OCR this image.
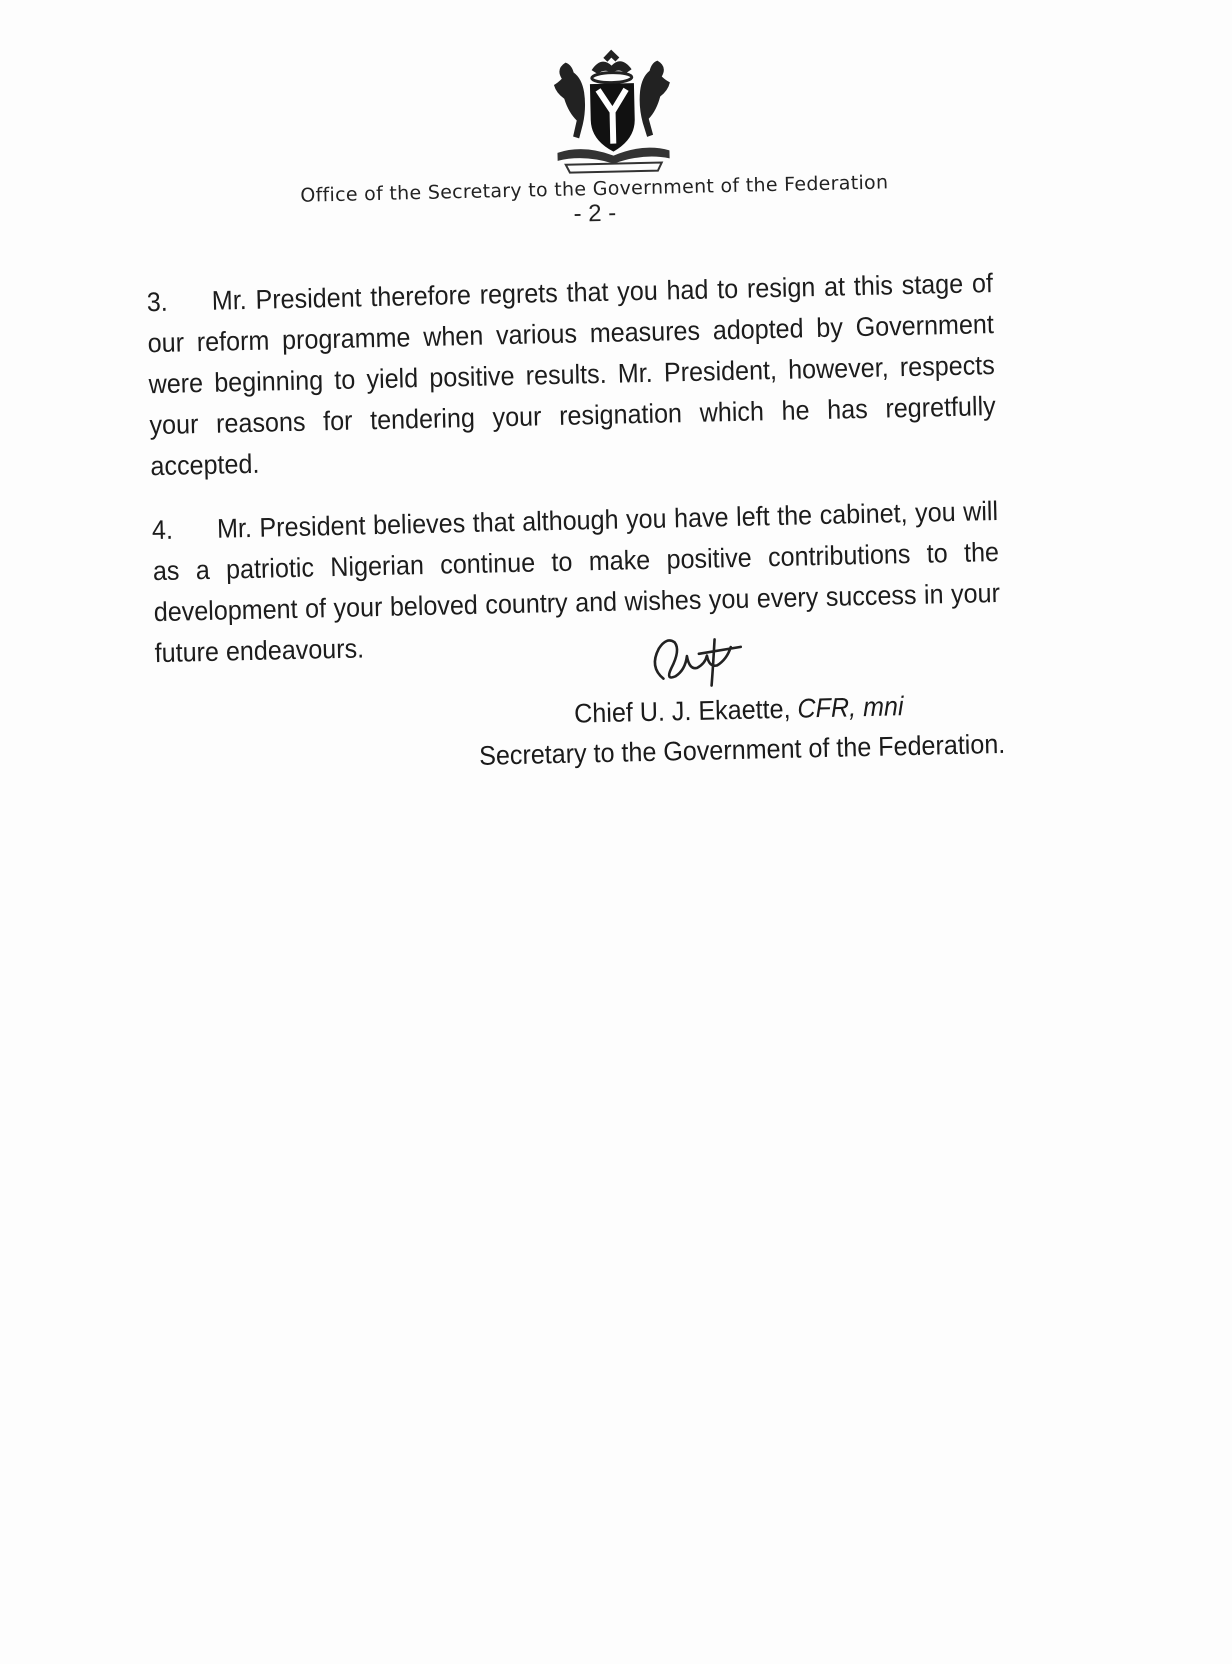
Office of the Secretary to the Government of the Federation
- 2 -
3. Mr. President therefore regrets that you had to resign at this stage of our reform programme when various measures adopted by Government were beginning to yield positive results. Mr. President, however, respects your reasons for tendering your resignation which he has regretfully accepted.
4. Mr. President believes that although you have left the cabinet, you will as a patriotic Nigerian continue to make positive contributions to the development of your beloved country and wishes you every success in your future endeavours.
Chief U. J. Ekaette, CFR, mni
Secretary to the Government of the Federation.
